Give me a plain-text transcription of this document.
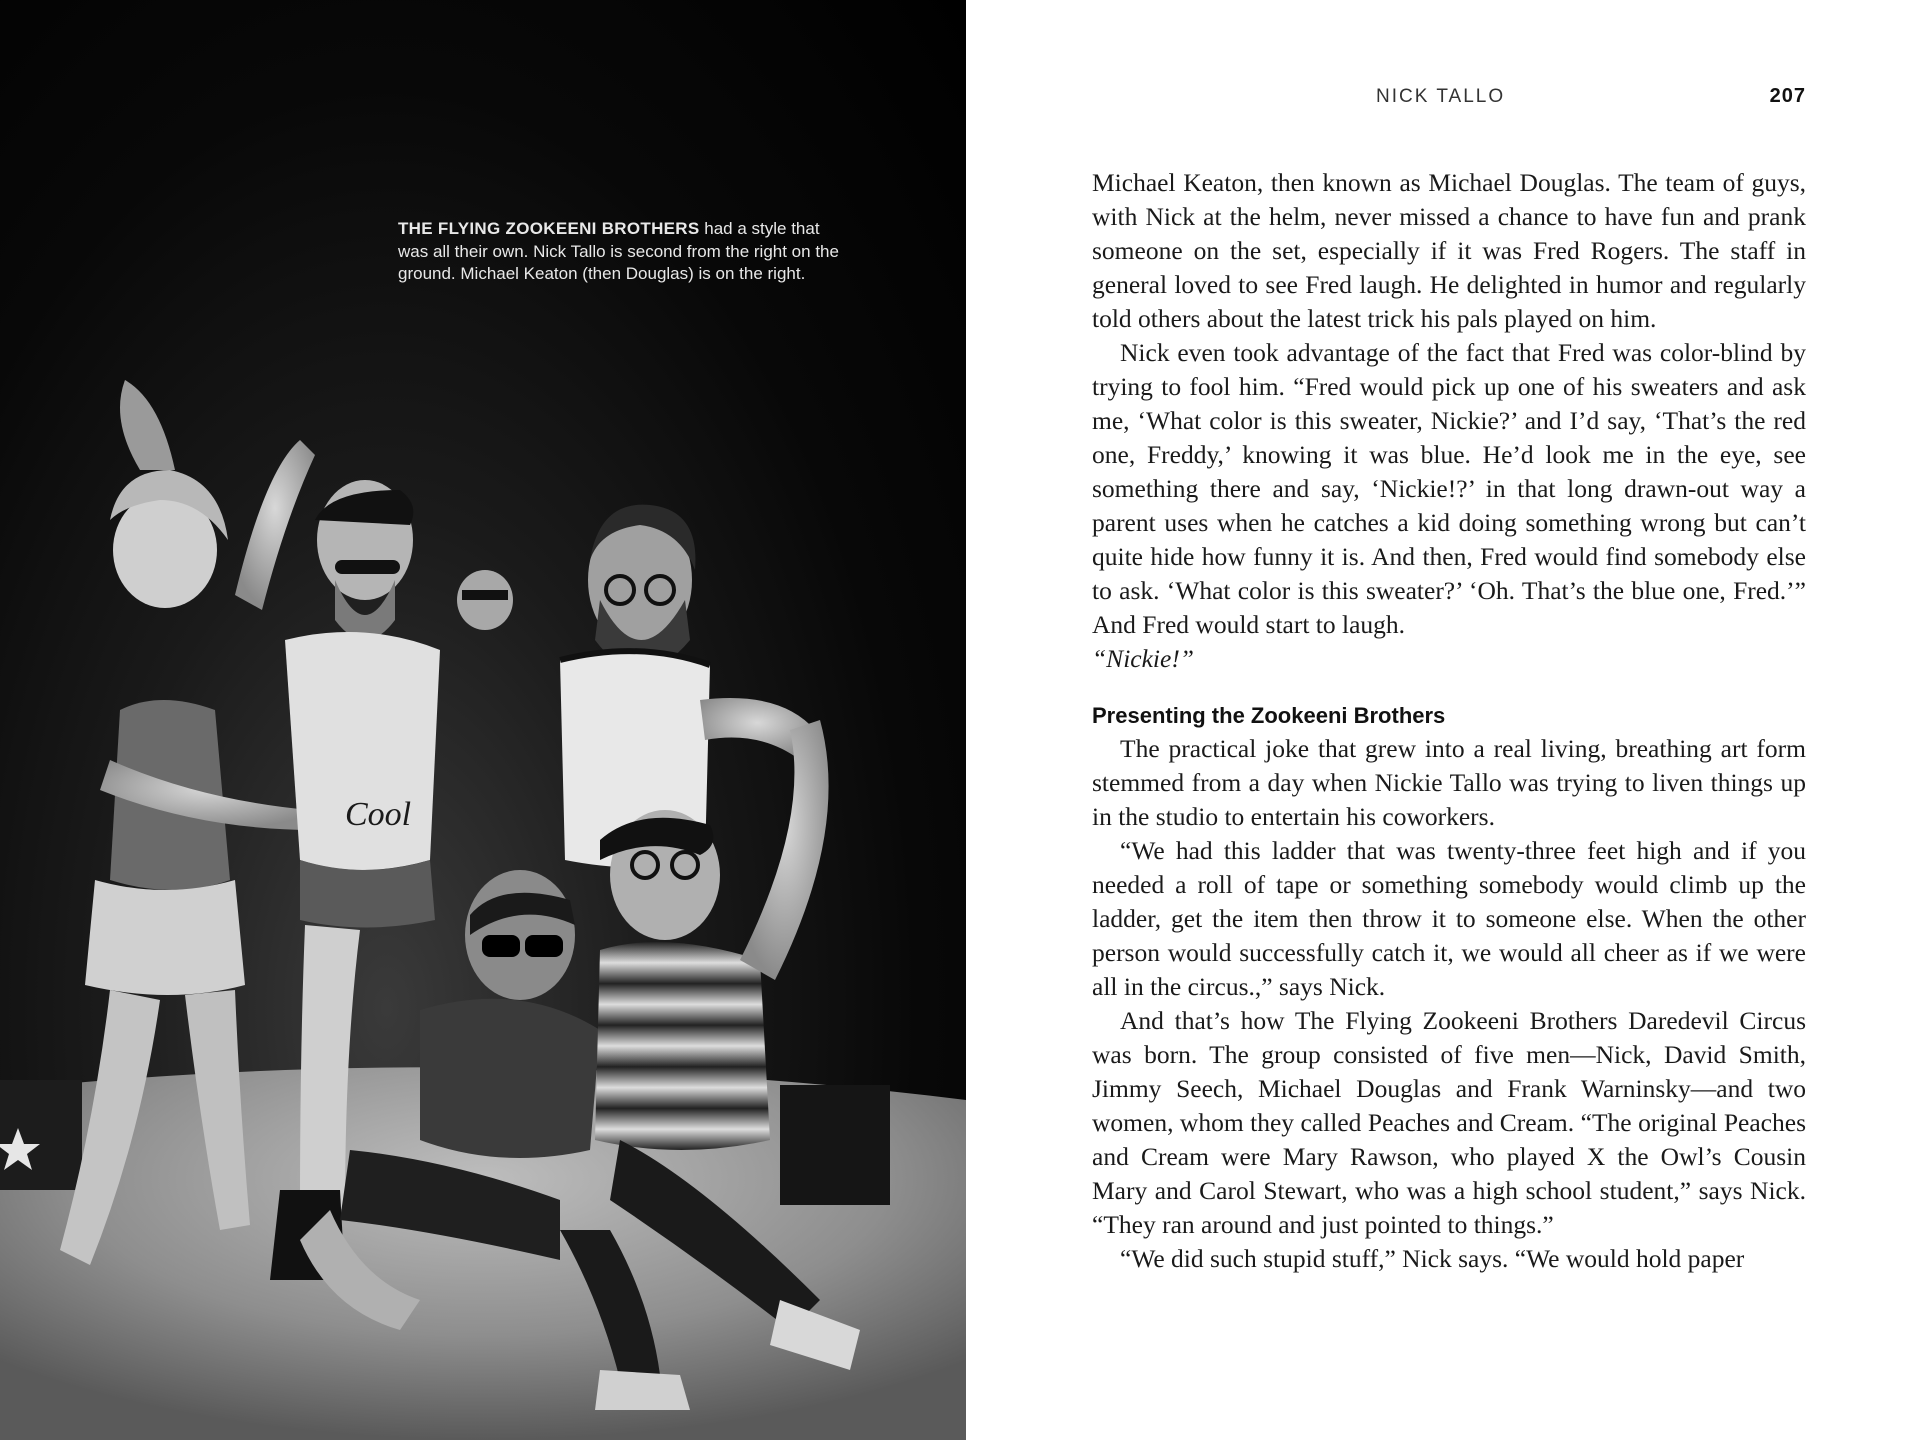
Cool
THE FLYING ZOOKEENI BROTHERS had a style that was all their own. Nick Tallo is second from the right on the ground. Michael Keaton (then Douglas) is on the right.
NICK TALLO	207

Michael Keaton, then known as Michael Douglas. The team of guys, with Nick at the helm, never missed a chance to have fun and prank someone on the set, especially if it was Fred Rogers. The staff in general loved to see Fred laugh. He delighted in humor and regularly told others about the latest trick his pals played on him.

Nick even took advantage of the fact that Fred was color-blind by trying to fool him. “Fred would pick up one of his sweaters and ask me, ‘What color is this sweater, Nickie?’ and I’d say, ‘That’s the red one, Freddy,’ knowing it was blue. He’d look me in the eye, see something there and say, ‘Nickie!?’ in that long drawn-out way a parent uses when he catches a kid doing something wrong but can’t quite hide how funny it is. And then, Fred would find somebody else to ask. ‘What color is this sweater?’ ‘Oh. That’s the blue one, Fred.’” And Fred would start to laugh.

“Nickie!”

Presenting the Zookeeni Brothers

The practical joke that grew into a real living, breathing art form stemmed from a day when Nickie Tallo was trying to liven things up in the studio to entertain his coworkers.

“We had this ladder that was twenty-three feet high and if you needed a roll of tape or something somebody would climb up the ladder, get the item then throw it to someone else. When the other person would successfully catch it, we would all cheer as if we were all in the circus.,” says Nick.

And that’s how The Flying Zookeeni Brothers Daredevil Circus was born. The group consisted of five men—Nick, David Smith, Jimmy Seech, Michael Douglas and Frank Warninsky—and two women, whom they called Peaches and Cream. “The original Peaches and Cream were Mary Rawson, who played X the Owl’s Cousin Mary and Carol Stewart, who was a high school student,” says Nick. “They ran around and just pointed to things.”

“We did such stupid stuff,” Nick says. “We would hold paper
